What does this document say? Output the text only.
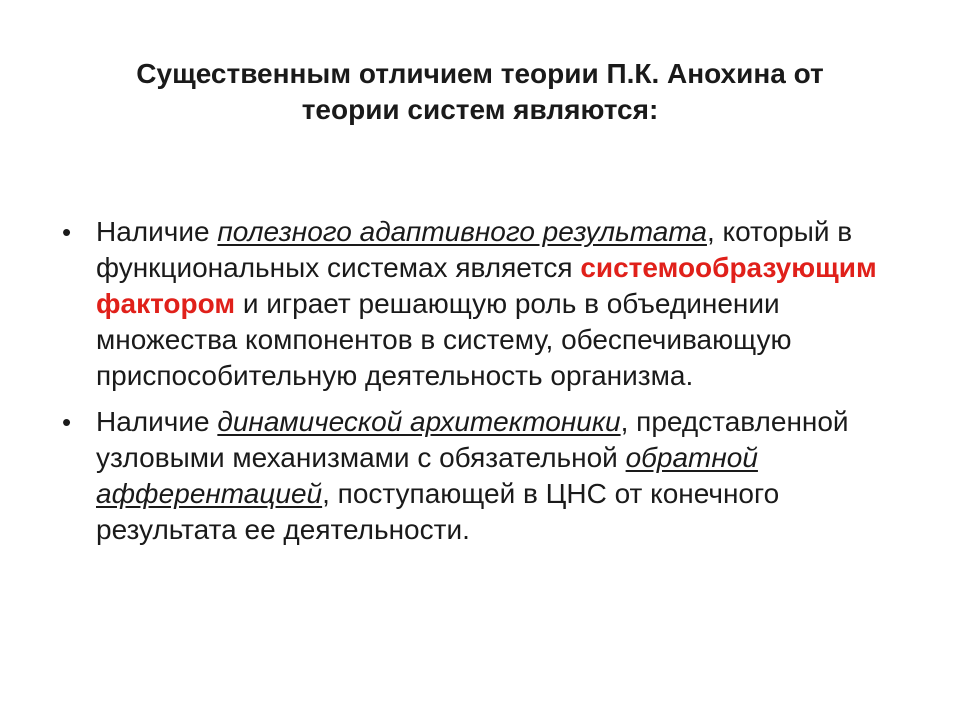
Существенным отличием теории П.К. Анохина от
теории систем являются:
• Наличие полезного адаптивного результата, который в функциональных системах является системообразующим фактором и играет решающую роль в объединении множества компонентов в систему, обеспечивающую приспособительную деятельность организма.
• Наличие динамической архитектоники, представленной узловыми механизмами с обязательной обратной афферентацией, поступающей в ЦНС от конечного результата ее деятельности.
